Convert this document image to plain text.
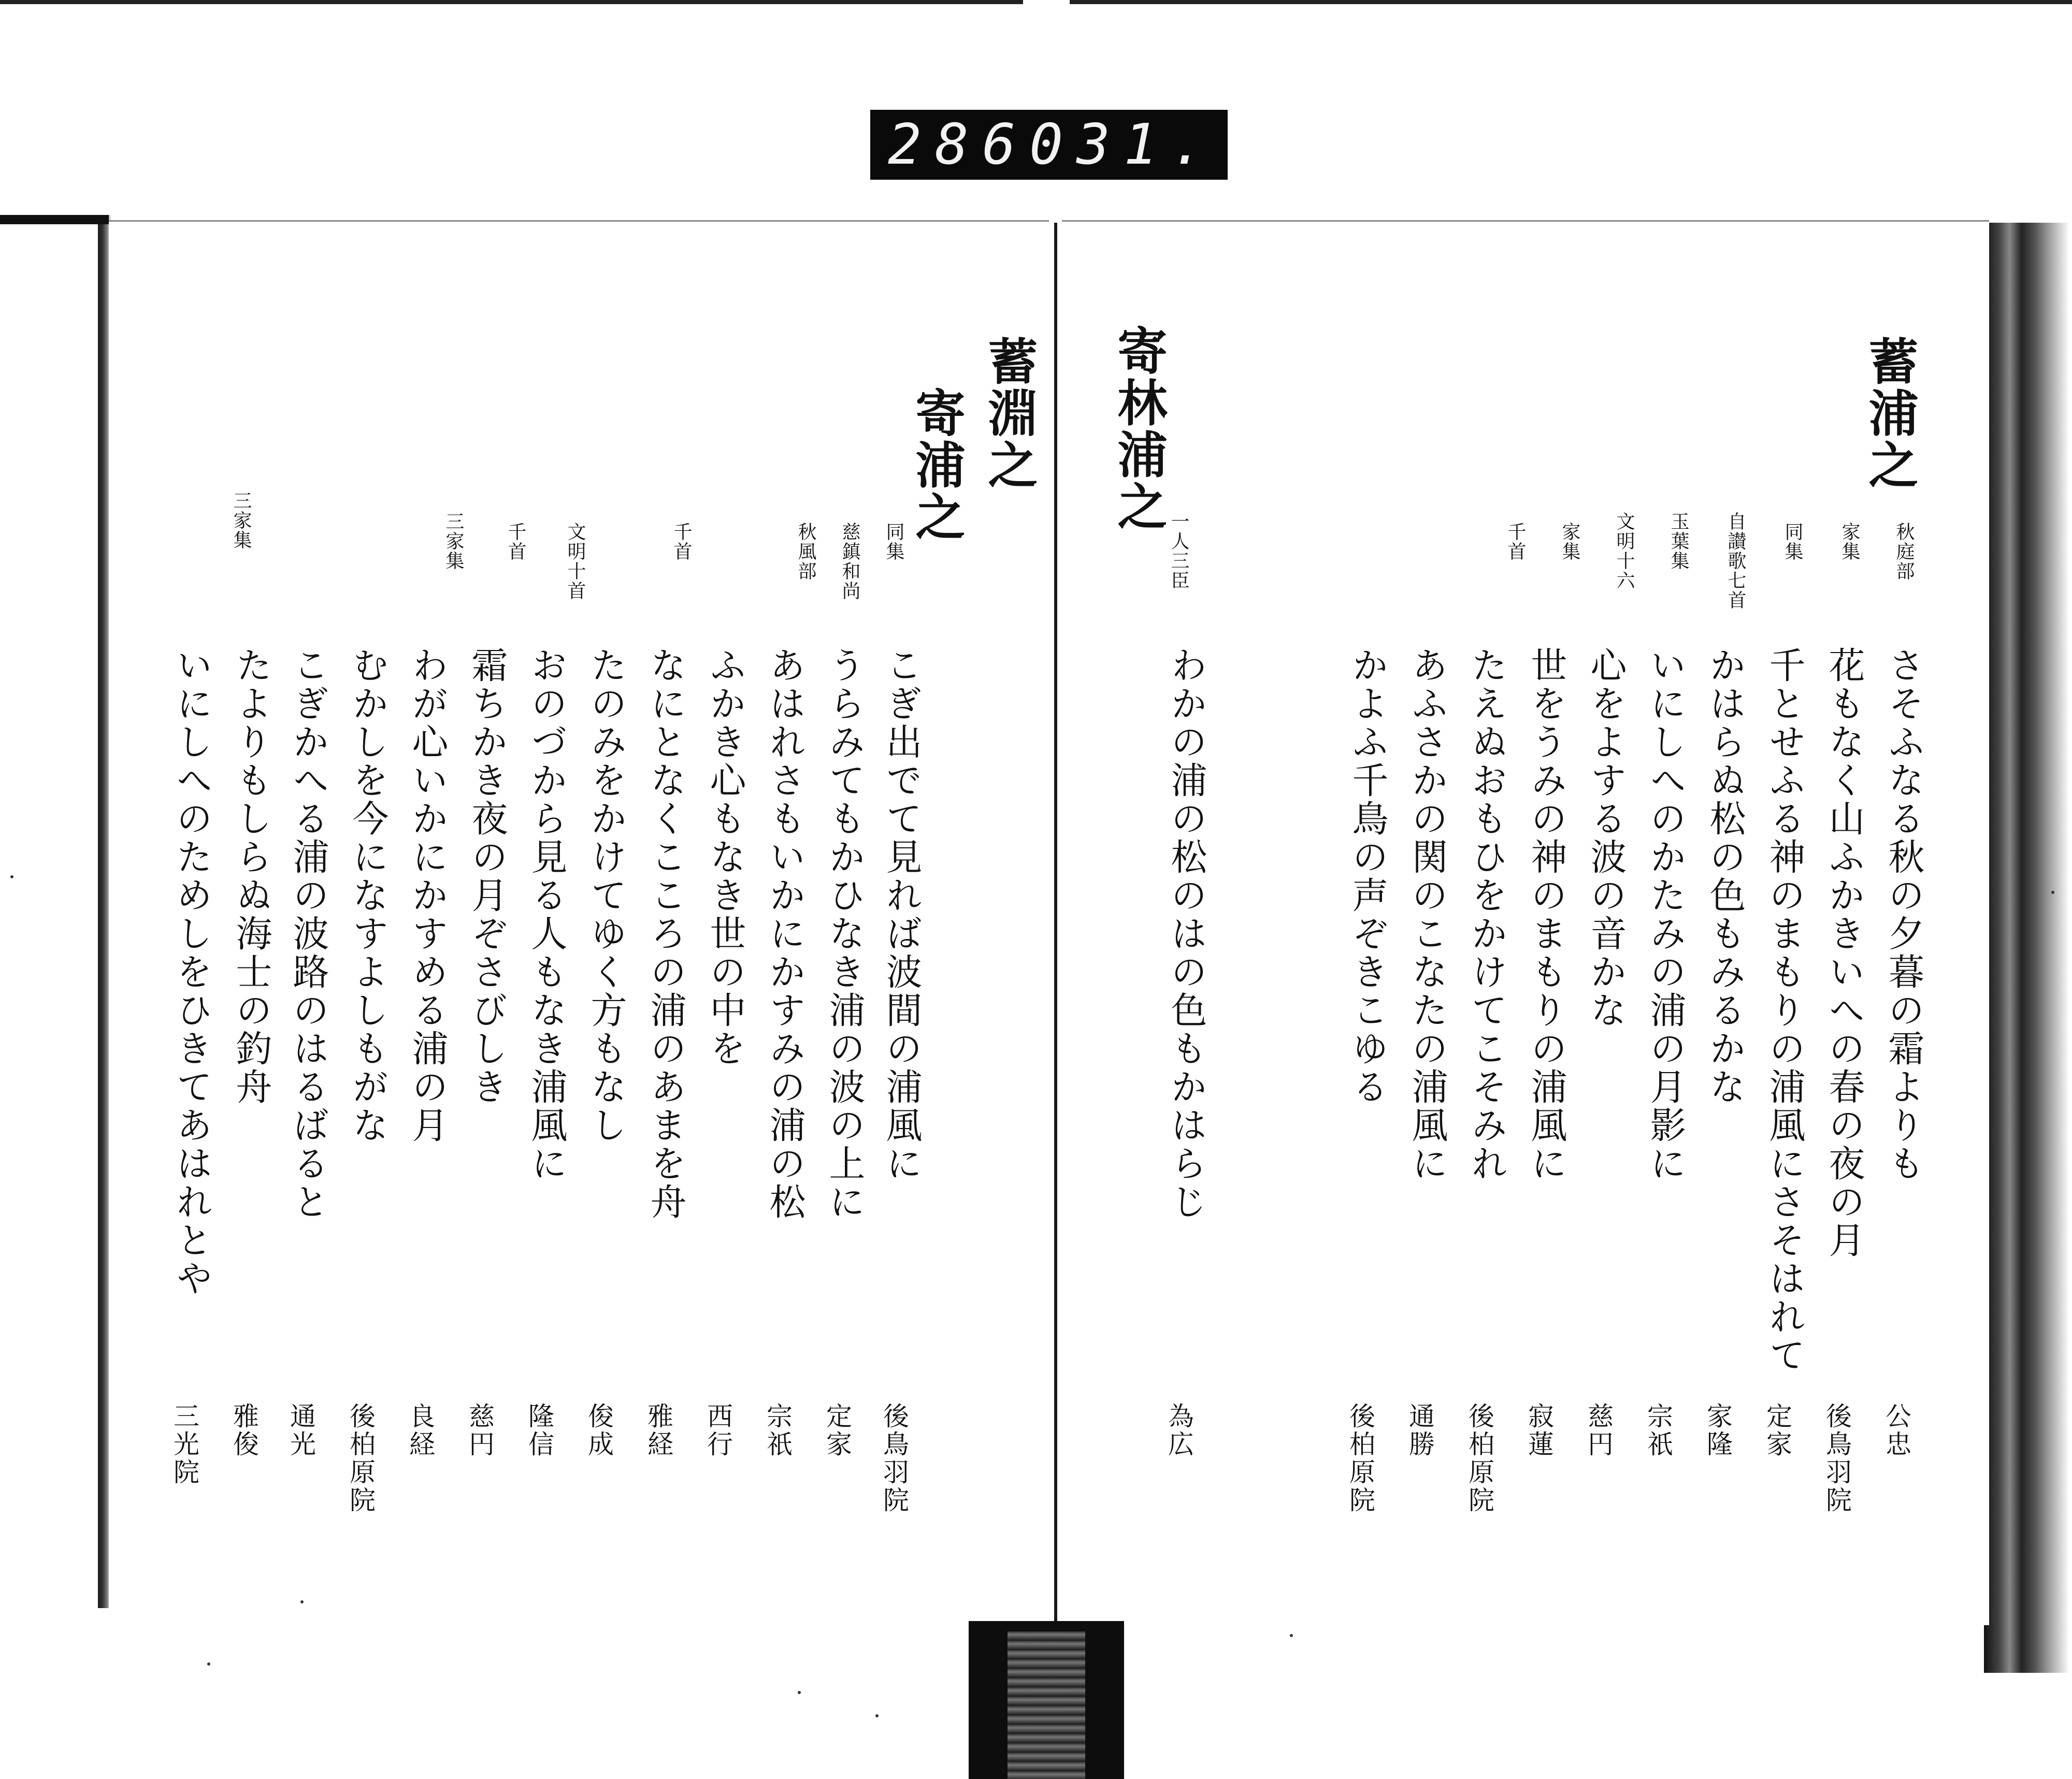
286 031.
蓄淵之
寄浦之
同集
慈鎮和尚
秋風部
千首
文明十首
千首
三家集
三家集
こぎ出でて見れば波間の浦風に
うらみてもかひなき浦の波の上に
あはれさもいかにかすみの浦の松
ふかき心もなき世の中を
なにとなくこころの浦のあまを舟
たのみをかけてゆく方もなし
おのづから見る人もなき浦風に
霜ちかき夜の月ぞさびしき
わが心いかにかすめる浦の月
むかしを今になすよしもがな
こぎかへる浦の波路のはるばると
たよりもしらぬ海士の釣舟
いにしへのためしをひきてあはれとや
後鳥羽院
定家
宗祇
西行
雅経
俊成
隆信
慈円
良経
後柏原院
通光
雅俊
三光院
蓄浦之
寄林浦之
秋庭部
家集
同集
自讃歌七首
玉葉集
千首	文明十六
家集
一人三臣
さそふなる秋の夕暮の霜よりも
花もなく山ふかきいへの春の夜の月
千とせふる神のまもりの浦風にさそはれて
かはらぬ松の色もみるかな
いにしへのかたみの浦の月影に
心をよする波の音かな
世をうみの神のまもりの浦風に
たえぬおもひをかけてこそみれ
あふさかの関のこなたの浦風に
かよふ千鳥の声ぞきこゆる
わかの浦の松のはの色もかはらじ
公忠
後鳥羽院
定家
家隆
宗祇
慈円
寂蓮
後柏原院
通勝
後柏原院
為広
